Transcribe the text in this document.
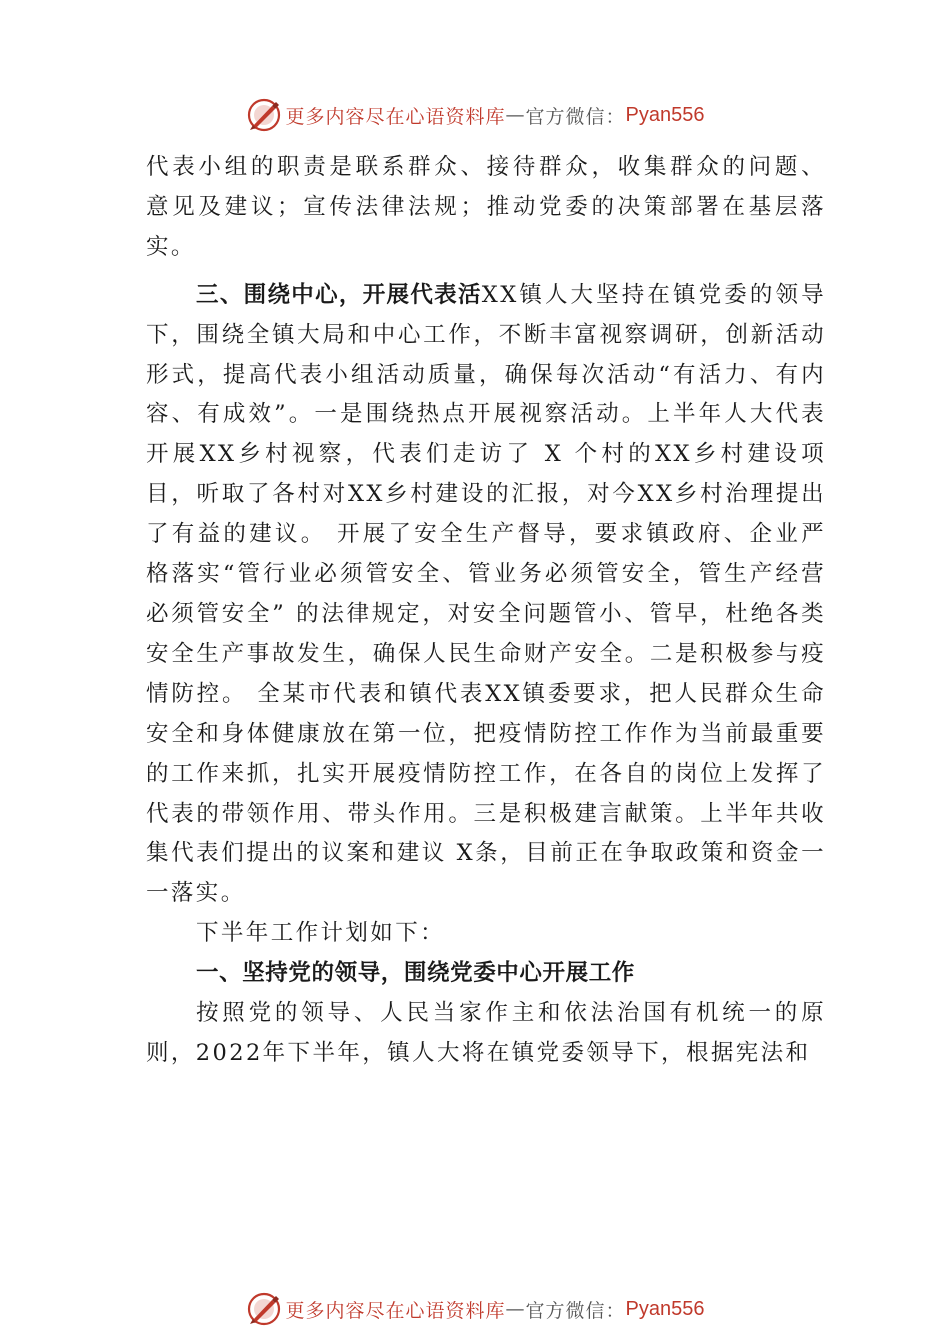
更多内容尽在心语资料库 — 官方微信： Pyan556

代表小组的职责是联系群众、接待群众，收集群众的问题、 意见及建议；宣传法律法规；推动党委的决策部署在基层落实。

三、围绕中心，开展代表活XX镇人大坚持在镇党委的领导下，围绕全镇大局和中心工作，不断丰富视察调研，创新活动形式，提高代表小组活动质量，确保每次活动“有活力、有内容、有成效”。一是围绕热点开展视察活动。上半年人大代表开展XX乡村视察，代表们走访了 X 个村的XX乡村建设项目，听取了各村对XX乡村建设的汇报，对今XX乡村治理提出了有益的建议。 开展了安全生产督导，要求镇政府、企业严格落实“管行业必须管安全、管业务必须管安全，管生产经营必须管安全” 的法律规定，对安全问题管小、管早，杜绝各类安全生产事故发生，确保人民生命财产安全。二是积极参与疫情防控。 全某市代表和镇代表XX镇委要求，把人民群众生命安全和身体健康放在第一位，把疫情防控工作作为当前最重要的工作来抓，扎实开展疫情防控工作，在各自的岗位上发挥了代表的带领作用、带头作用。三是积极建言献策。上半年共收集代表们提出的议案和建议 X条，目前正在争取政策和资金一一落实。

下半年工作计划如下：

一、坚持党的领导，围绕党委中心开展工作

按照党的领导、人民当家作主和依法治国有机统一的原则，2022年下半年，镇人大将在镇党委领导下，根据宪法和

更多内容尽在心语资料库 — 官方微信： Pyan556
